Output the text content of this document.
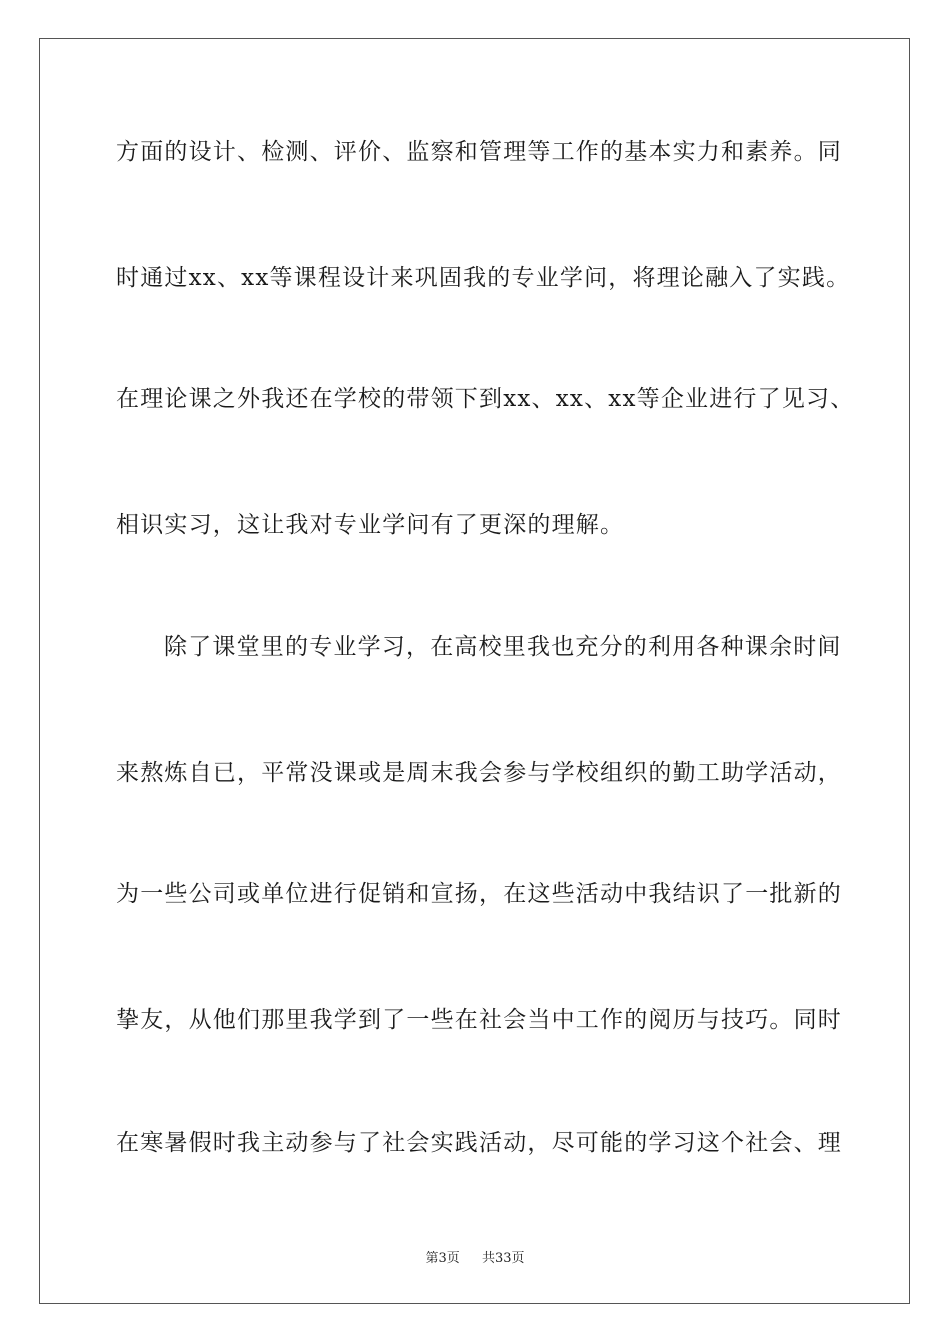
方面的设计、检测、评价、监察和管理等工作的基本实力和素养。同
时通过xx、xx等课程设计来巩固我的专业学问，将理论融入了实践。
在理论课之外我还在学校的带领下到xx、xx、xx等企业进行了见习、
相识实习，这让我对专业学问有了更深的理解。
除了课堂里的专业学习，在高校里我也充分的利用各种课余时间
来熬炼自已，平常没课或是周末我会参与学校组织的勤工助学活动，
为一些公司或单位进行促销和宣扬，在这些活动中我结识了一批新的
挚友，从他们那里我学到了一些在社会当中工作的阅历与技巧。同时
在寒暑假时我主动参与了社会实践活动，尽可能的学习这个社会、理
第3页 共33页
